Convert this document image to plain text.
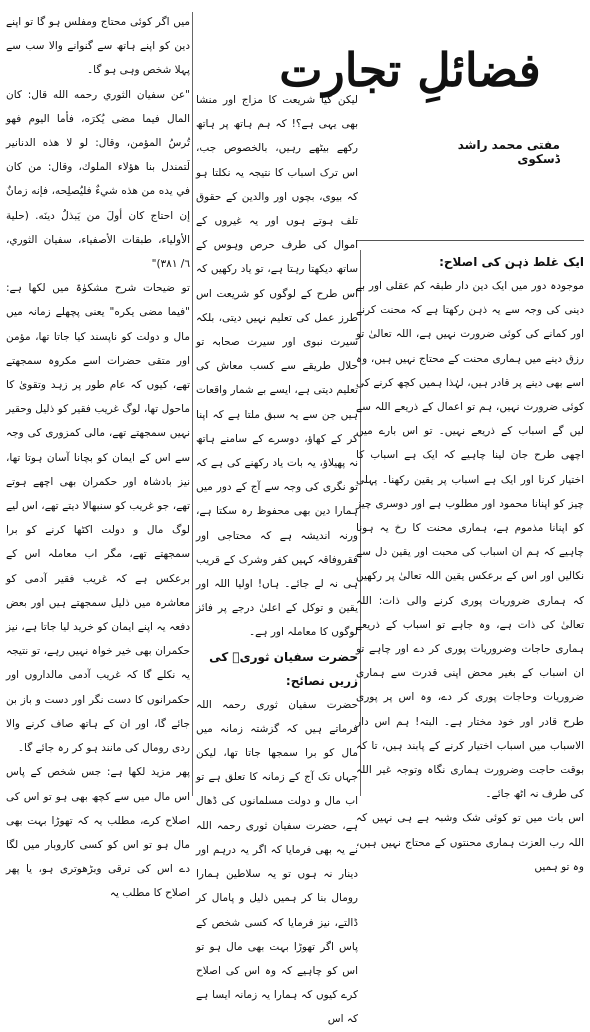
فضائلِ تجارت
مفتی محمد راشد ڈسکوی

ایک غلط ذہن کی اصلاح:

موجودہ دور میں ایک دین دار طبقہ کم عقلی اور بے دینی کی وجہ سے یہ ذہن رکھتا ہے کہ محنت کرنے اور کمانے کی کوئی ضرورت نہیں ہے، اللہ تعالیٰ تو رزق دینے میں ہماری محنت کے محتاج نہیں ہیں، وہ اسے بھی دینے پر قادر ہیں، لہٰذا ہمیں کچھ کرنے کی کوئی ضرورت نہیں، ہم تو اعمال کے ذریعے اللہ سے لیں گے اسباب کے ذریعے نہیں۔ تو اس بارے میں اچھی طرح جان لینا چاہیے کہ ایک ہے اسباب کا اختیار کرنا اور ایک ہے اسباب پر یقین رکھنا۔ پہلی چیز کو اپنانا محمود اور مطلوب ہے اور دوسری چیز کو اپنانا مذموم ہے، ہماری محنت کا رخ یہ ہونا چاہیے کہ ہم ان اسباب کی محبت اور یقین دل سے نکالیں اور اس کے برعکس یقین اللہ تعالیٰ پر رکھیں کہ ہماری ضروریات پوری کرنے والی ذات: اللہ تعالیٰ کی ذات ہے، وہ جاہے تو اسباب کے ذریعے ہماری حاجات وضروریات پوری کر دے اور چاہے تو ان اسباب کے بغیر محض اپنی قدرت سے ہماری ضروریات وحاجات پوری کر دے، وہ اس پر پوری طرح قادر اور خود مختار ہے۔ البتہ! ہم اس دار الاسباب میں اسباب اختیار کرنے کے پابند ہیں، تا کہ بوقت حاجت وضرورت ہماری نگاہ وتوجہ غیر اللہ کی طرف نہ اٹھ جائے۔

اس بات میں تو کوئی شک وشبہ ہے ہی نہیں کہ اللہ رب العزت ہماری محنتوں کے محتاج نہیں ہیں، وہ تو ہمیں

لیکن کیا شریعت کا مزاج اور منشا بھی یہی ہے؟! کہ ہم ہاتھ پر ہاتھ رکھے بیٹھے رہیں، بالخصوص جب، اس ترک اسباب کا نتیجہ یہ نکلتا ہو کہ بیوی، بچوں اور والدین کے حقوق تلف ہوتے ہوں اور یہ غیروں کے اموال کی طرف حرص وہوس کے ساتھ دیکھتا رہتا ہے، تو یاد رکھیں کہ اس طرح کے لوگوں کو شریعت اس طرز عمل کی تعلیم نہیں دیتی، بلکہ سیرت نبوی اور سیرت صحابہ تو حلال طریقے سے کسب معاش کی تعلیم دیتی ہے، ایسے بے شمار واقعات ہیں جن سے یہ سبق ملتا ہے کہ اپنا کر کے کھاؤ، دوسرے کے سامنے ہاتھ نہ پھیلاؤ، یہ بات یاد رکھنے کی ہے کہ تو نگری کی وجہ سے آج کے دور میں ہمارا دین بھی محفوظ رہ سکتا ہے، ورنہ اندیشہ ہے کہ محتاجی اور فقروفاقہ کہیں کفر وشرک کے قریب ہی نہ لے جائے۔ ہاں! اولیا اللہ اور یقین و توکل کے اعلیٰ درجے پر فائز لوگوں کا معاملہ اور ہے۔

حضرت سفیان ثوریؒ کی زریں نصائح:

حضرت سفیان ثوری رحمہ اللہ فرماتے ہیں کہ گزشتہ زمانہ میں مال کو برا سمجھا جاتا تھا، لیکن جہاں تک آج کے زمانہ کا تعلق ہے تو اب مال و دولت مسلمانوں کی ڈھال ہے، حضرت سفیان ثوری رحمہ اللہ نے یہ بھی فرمایا کہ اگر یہ درہم اور دینار نہ ہوں تو یہ سلاطین ہمارا رومال بنا کر ہمیں ذلیل و پامال کر ڈالتے، نیز فرمایا کہ کسی شخص کے پاس اگر تھوڑا بہت بھی مال ہو تو اس کو چاہیے کہ وہ اس کی اصلاح کرے کیوں کہ ہمارا یہ زمانہ ایسا ہے کہ اس

میں اگر کوئی محتاج ومفلس ہو گا تو اپنے دین کو اپنے ہاتھ سے گنوانے والا سب سے پہلا شخص وہی ہو گا۔

"عن سفيان الثوري رحمه الله قال: كان المال فيما مضى يُكرَه، فأما اليوم فهو تُرسُ المؤمن، وقال: لو لا هذه الدنانير لَتمندل بنا هؤلاء الملوك، وقال: من كان في يده من هذه شيءٌ فليُصلِحه، فإنه زمانٌ إن احتاج كان أولَ من يَبذلُ دينَه. (حلية الأولياء، طبقات الأصفياء، سفيان الثوري، ٦/ ٣٨١)"

تو ضیحات شرح مشکوٰۃ میں لکھا ہے: "فيما مضى يكره" یعنی پچھلے زمانہ میں مال و دولت کو ناپسند کیا جاتا تھا، مؤمن اور متقی حضرات اسے مکروہ سمجھتے تھے، کیوں کہ عام طور پر زہد وتقویٰ کا ماحول تھا، لوگ غریب فقیر کو ذلیل وحقیر نہیں سمجھتے تھے، مالی کمزوری کی وجہ سے اس کے ایمان کو بچانا آسان ہوتا تھا، نیز بادشاہ اور حکمران بھی اچھے ہوتے تھے، جو غریب کو سنبھالا دیتے تھے، اس لیے لوگ مال و دولت اکٹھا کرنے کو برا سمجھتے تھے، مگر اب معاملہ اس کے برعکس ہے کہ غریب فقیر آدمی کو معاشرہ میں ذلیل سمجھتے ہیں اور بعض دفعہ یہ اپنے ایمان کو خرید لیا جاتا ہے، نیز حکمران بھی خیر خواہ نہیں رہے، تو نتیجہ یہ نکلے گا کہ غریب آدمی مالداروں اور حکمرانوں کا دست نگر اور دست و باز بن جائے گا، اور ان کے ہاتھ صاف کرنے والا ردی رومال کی مانند ہو کر رہ جائے گا۔

پھر مزید لکھا ہے: جس شخص کے پاس اس مال میں سے کچھ بھی ہو تو اس کی اصلاح کرے، مطلب یہ کہ تھوڑا بہت بھی مال ہو تو اس کو کسی کاروبار میں لگا دے اس کی ترقی وبڑھوتری ہو، یا پھر اصلاح کا مطلب یہ
